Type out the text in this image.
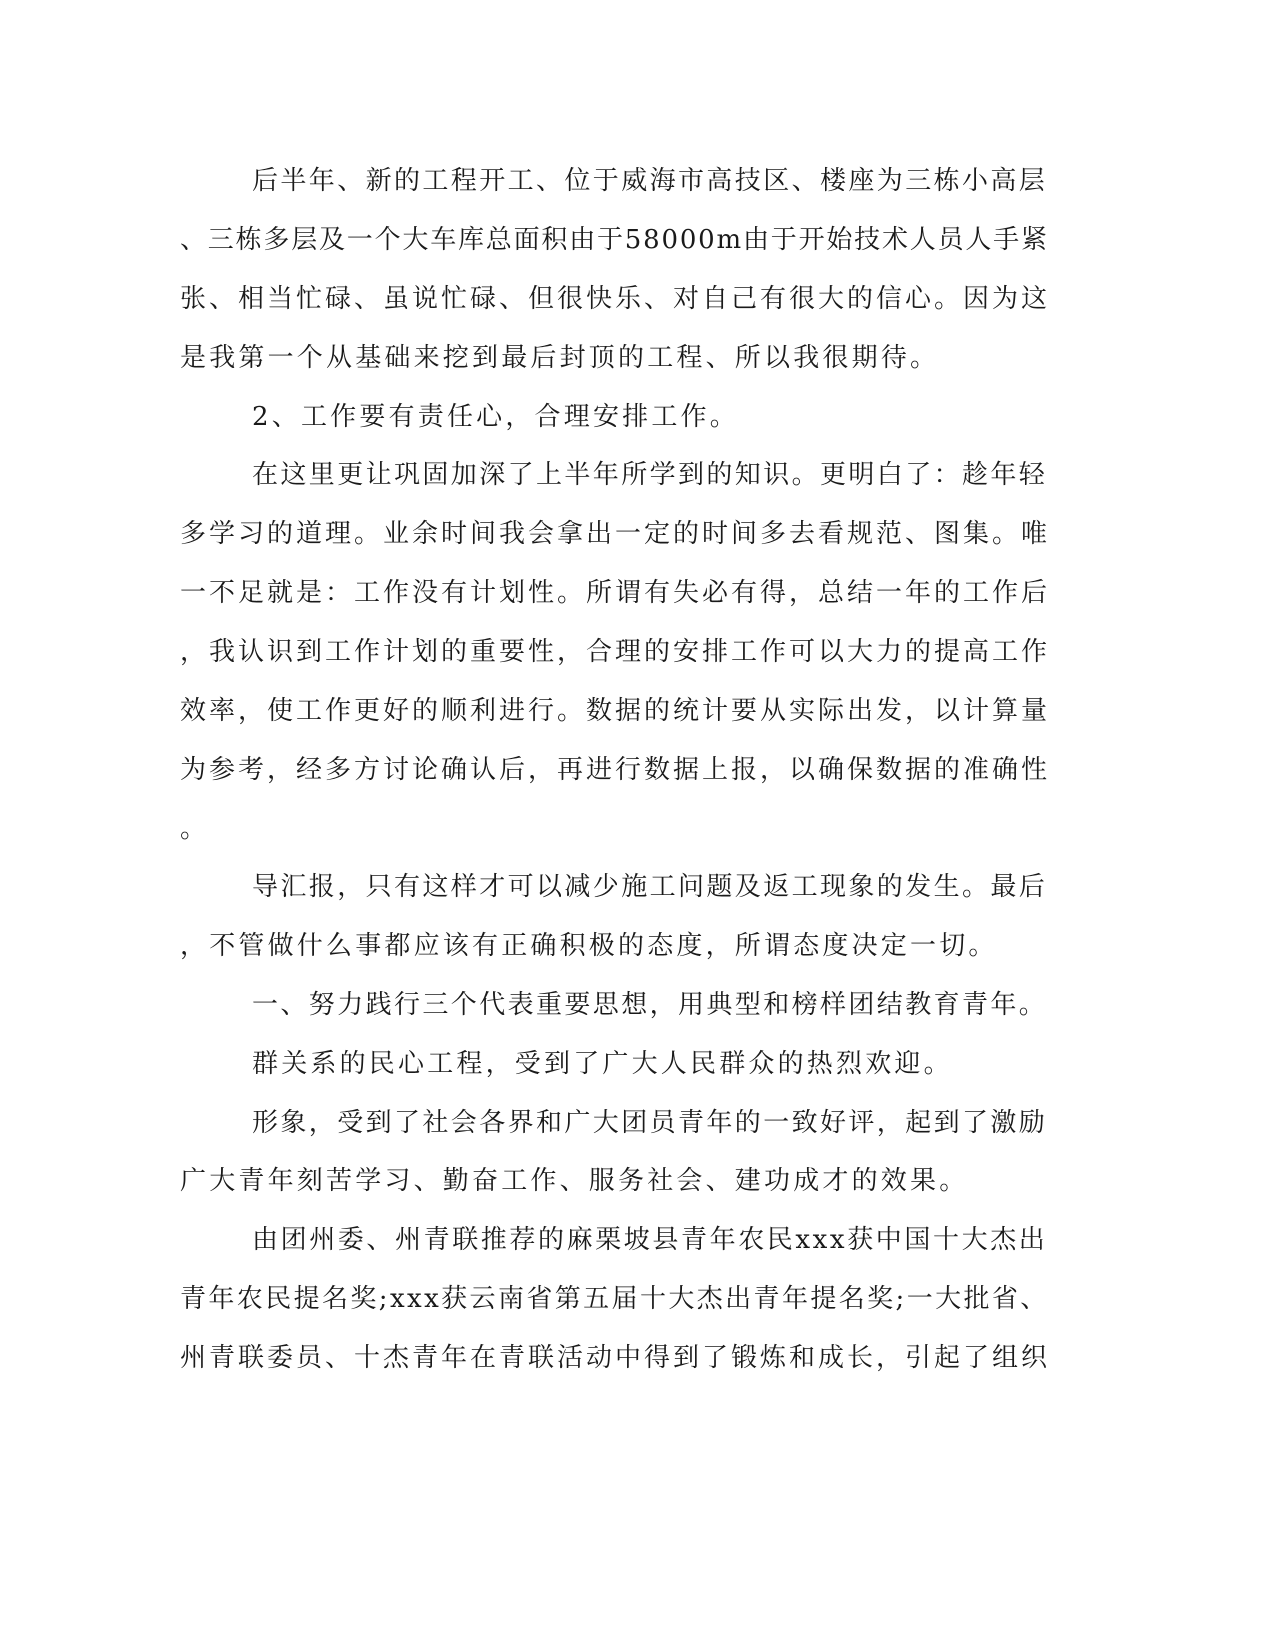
后半年、新的工程开工、位于威海市高技区、楼座为三栋小高层

、三栋多层及一个大车库总面积由于58000m由于开始技术人员人手紧

张、相当忙碌、虽说忙碌、但很快乐、对自己有很大的信心。因为这

是我第一个从基础来挖到最后封顶的工程、所以我很期待。

2、工作要有责任心，合理安排工作。

在这里更让巩固加深了上半年所学到的知识。更明白了：趁年轻

多学习的道理。业余时间我会拿出一定的时间多去看规范、图集。唯

一不足就是：工作没有计划性。所谓有失必有得，总结一年的工作后

，我认识到工作计划的重要性，合理的安排工作可以大力的提高工作

效率，使工作更好的顺利进行。数据的统计要从实际出发，以计算量

为参考，经多方讨论确认后，再进行数据上报，以确保数据的准确性

。

导汇报，只有这样才可以减少施工问题及返工现象的发生。最后

，不管做什么事都应该有正确积极的态度，所谓态度决定一切。

一、努力践行三个代表重要思想，用典型和榜样团结教育青年。

群关系的民心工程，受到了广大人民群众的热烈欢迎。

形象，受到了社会各界和广大团员青年的一致好评，起到了激励

广大青年刻苦学习、勤奋工作、服务社会、建功成才的效果。

由团州委、州青联推荐的麻栗坡县青年农民xxx获中国十大杰出

青年农民提名奖;xxx获云南省第五届十大杰出青年提名奖;一大批省、

州青联委员、十杰青年在青联活动中得到了锻炼和成长，引起了组织
